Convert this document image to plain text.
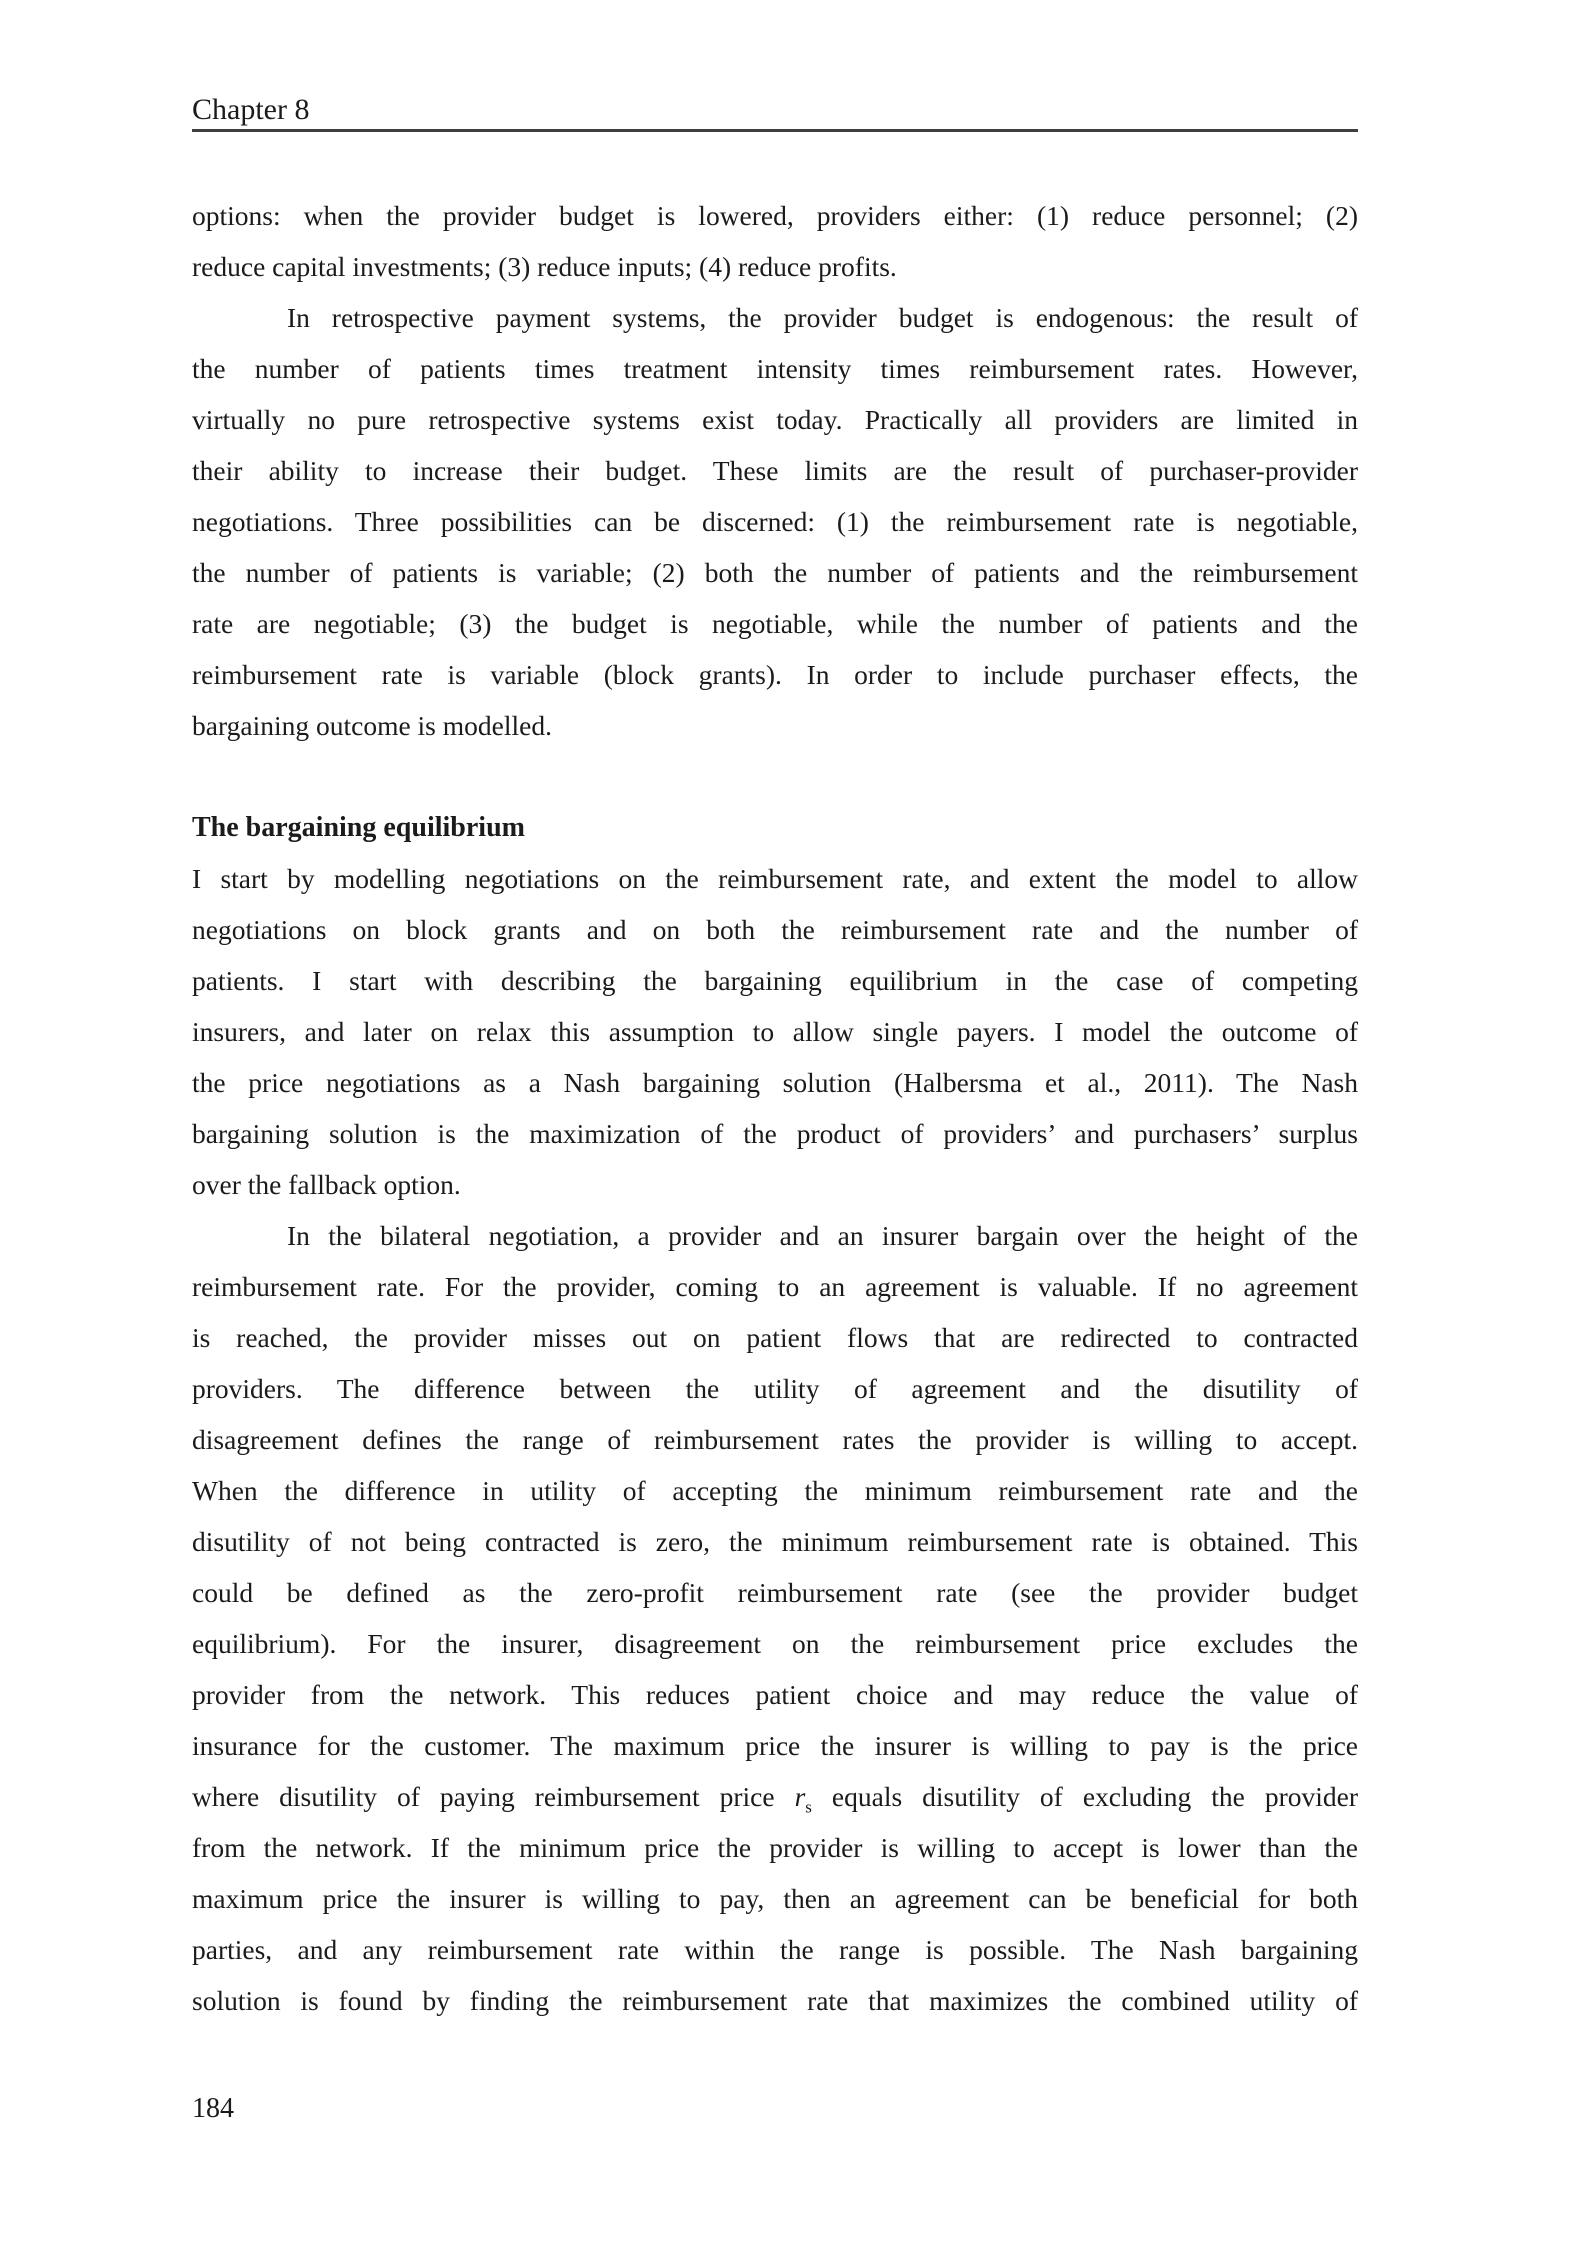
Chapter 8
options: when the provider budget is lowered, providers either: (1) reduce personnel; (2)
reduce capital investments; (3) reduce inputs; (4) reduce profits.
In retrospective payment systems, the provider budget is endogenous: the result of
the number of patients times treatment intensity times reimbursement rates. However,
virtually no pure retrospective systems exist today. Practically all providers are limited in
their ability to increase their budget. These limits are the result of purchaser-provider
negotiations. Three possibilities can be discerned: (1) the reimbursement rate is negotiable,
the number of patients is variable; (2) both the number of patients and the reimbursement
rate are negotiable; (3) the budget is negotiable, while the number of patients and the
reimbursement rate is variable (block grants). In order to include purchaser effects, the
bargaining outcome is modelled.
The bargaining equilibrium
I start by modelling negotiations on the reimbursement rate, and extent the model to allow
negotiations on block grants and on both the reimbursement rate and the number of
patients. I start with describing the bargaining equilibrium in the case of competing
insurers, and later on relax this assumption to allow single payers. I model the outcome of
the price negotiations as a Nash bargaining solution (Halbersma et al., 2011). The Nash
bargaining solution is the maximization of the product of providers’ and purchasers’ surplus
over the fallback option.
In the bilateral negotiation, a provider and an insurer bargain over the height of the
reimbursement rate. For the provider, coming to an agreement is valuable. If no agreement
is reached, the provider misses out on patient flows that are redirected to contracted
providers. The difference between the utility of agreement and the disutility of
disagreement defines the range of reimbursement rates the provider is willing to accept.
When the difference in utility of accepting the minimum reimbursement rate and the
disutility of not being contracted is zero, the minimum reimbursement rate is obtained. This
could be defined as the zero-profit reimbursement rate (see the provider budget
equilibrium). For the insurer, disagreement on the reimbursement price excludes the
provider from the network. This reduces patient choice and may reduce the value of
insurance for the customer. The maximum price the insurer is willing to pay is the price
where disutility of paying reimbursement price $r_s$ equals disutility of excluding the provider
from the network. If the minimum price the provider is willing to accept is lower than the
maximum price the insurer is willing to pay, then an agreement can be beneficial for both
parties, and any reimbursement rate within the range is possible. The Nash bargaining
solution is found by finding the reimbursement rate that maximizes the combined utility of
184
